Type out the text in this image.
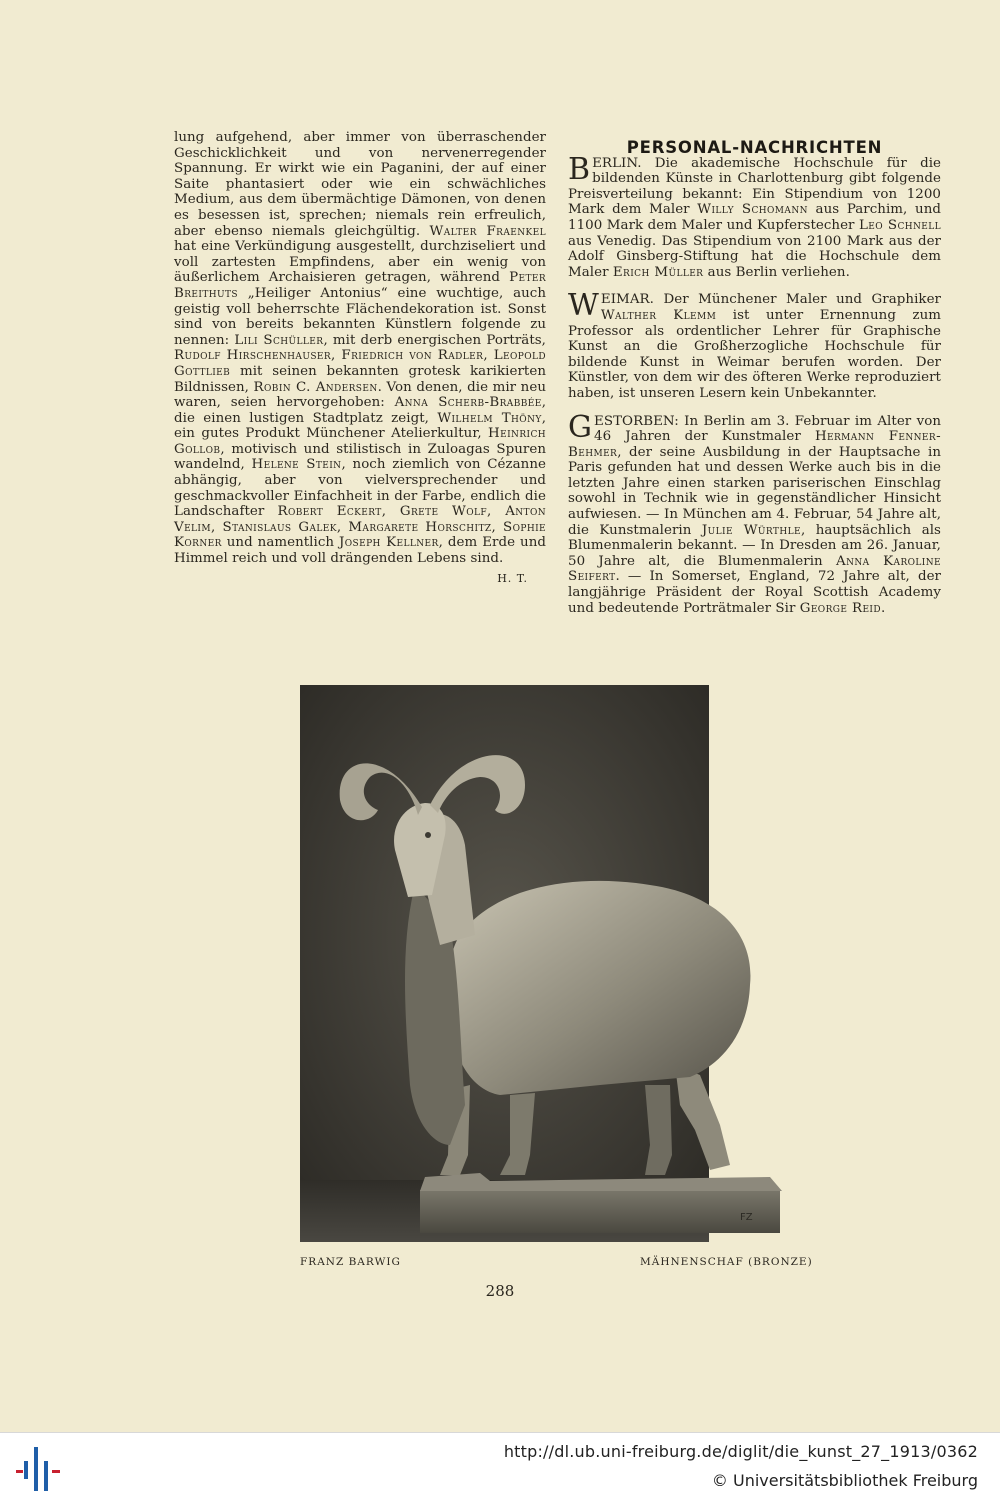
lung aufgehend, aber immer von überraschender Geschicklichkeit und von nervenerregender Spannung. Er wirkt wie ein Paganini, der auf einer Saite phantasiert oder wie ein schwächliches Medium, aus dem übermächtige Dämonen, von denen es besessen ist, sprechen; niemals rein erfreulich, aber ebenso niemals gleichgültig. Walter Fraenkel hat eine Verkündigung ausgestellt, durchziseliert und voll zartesten Empfindens, aber ein wenig von äußerlichem Archaisieren getragen, während Peter Breithuts „Heiliger Antonius“ eine wuchtige, auch geistig voll beherrschte Flächendekoration ist. Sonst sind von bereits bekannten Künstlern folgende zu nennen: Lili Schüller, mit derb energischen Porträts, Rudolf Hirschenhauser, Friedrich von Radler, Leopold Gottlieb mit seinen bekannten grotesk karikierten Bildnissen, Robin C. Andersen. Von denen, die mir neu waren, seien hervorgehoben: Anna Scherb-Brabbée, die einen lustigen Stadtplatz zeigt, Wilhelm Thöny, ein gutes Produkt Münchener Atelierkultur, Heinrich Gollob, motivisch und stilistisch in Zuloagas Spuren wandelnd, Helene Stein, noch ziemlich von Cézanne abhängig, aber von vielversprechender und geschmackvoller Einfachheit in der Farbe, endlich die Landschafter Robert Eckert, Grete Wolf, Anton Velim, Stanislaus Galek, Margarete Horschitz, Sophie Korner und namentlich Joseph Kellner, dem Erde und Himmel reich und voll drängenden Lebens sind.

H. T.

PERSONAL-NACHRICHTEN

BERLIN. Die akademische Hochschule für die bildenden Künste in Charlottenburg gibt folgende Preisverteilung bekannt: Ein Stipendium von 1200 Mark dem Maler Willy Schomann aus Parchim, und 1100 Mark dem Maler und Kupferstecher Leo Schnell aus Venedig. Das Stipendium von 2100 Mark aus der Adolf Ginsberg-Stiftung hat die Hochschule dem Maler Erich Müller aus Berlin verliehen.

WEIMAR. Der Münchener Maler und Graphiker Walther Klemm ist unter Ernennung zum Professor als ordentlicher Lehrer für Graphische Kunst an die Großherzogliche Hochschule für bildende Kunst in Weimar berufen worden. Der Künstler, von dem wir des öfteren Werke reproduziert haben, ist unseren Lesern kein Unbekannter.

GESTORBEN: In Berlin am 3. Februar im Alter von 46 Jahren der Kunstmaler Hermann Fenner-Behmer, der seine Ausbildung in der Hauptsache in Paris gefunden hat und dessen Werke auch bis in die letzten Jahre einen starken pariserischen Einschlag sowohl in Technik wie in gegenständlicher Hinsicht aufwiesen. — In München am 4. Februar, 54 Jahre alt, die Kunstmalerin Julie Würthle, hauptsächlich als Blumenmalerin bekannt. — In Dresden am 26. Januar, 50 Jahre alt, die Blumenmalerin Anna Karoline Seifert. — In Somerset, England, 72 Jahre alt, der langjährige Präsident der Royal Scottish Academy und bedeutende Porträtmaler Sir George Reid.

FZ
FRANZ BARWIG	MÄHNENSCHAF (BRONZE)
288
http://dl.ub.uni-freiburg.de/diglit/die_kunst_27_1913/0362
© Universitätsbibliothek Freiburg
